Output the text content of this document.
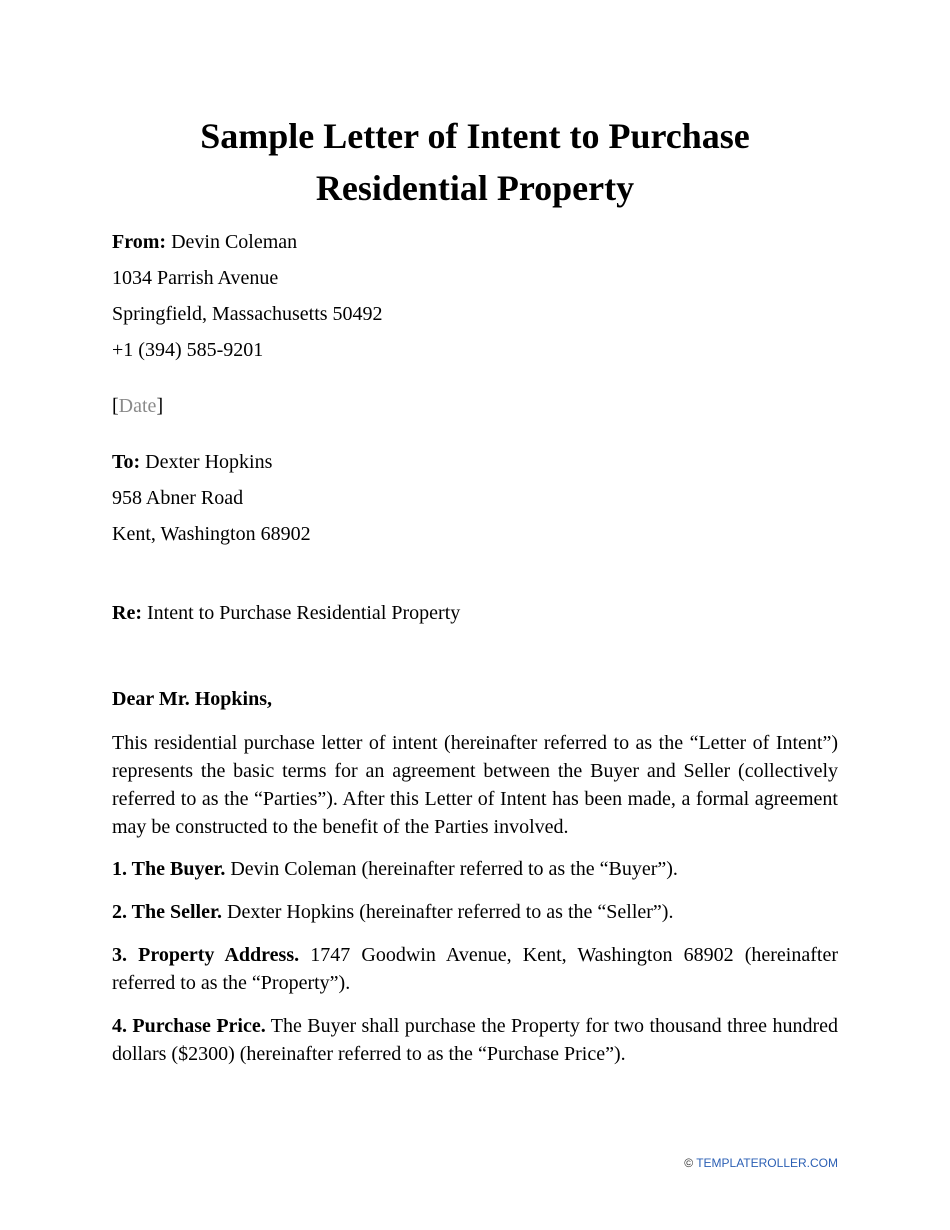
Sample Letter of Intent to Purchase
Residential Property
From: Devin Coleman
1034 Parrish Avenue
Springfield, Massachusetts 50492
+1 (394) 585-9201
[Date]
To: Dexter Hopkins
958 Abner Road
Kent, Washington 68902
Re: Intent to Purchase Residential Property
Dear Mr. Hopkins,

This residential purchase letter of intent (hereinafter referred to as the “Letter of Intent”) represents the basic terms for an agreement between the Buyer and Seller (collectively referred to as the “Parties”). After this Letter of Intent has been made, a formal agreement may be constructed to the benefit of the Parties involved.

1. The Buyer. Devin Coleman (hereinafter referred to as the “Buyer”).

2. The Seller. Dexter Hopkins (hereinafter referred to as the “Seller”).

3. Property Address. 1747 Goodwin Avenue, Kent, Washington 68902 (hereinafter referred to as the “Property”).

4. Purchase Price. The Buyer shall purchase the Property for two thousand three hundred dollars ($2300) (hereinafter referred to as the “Purchase Price”).

© TEMPLATEROLLER.COM
